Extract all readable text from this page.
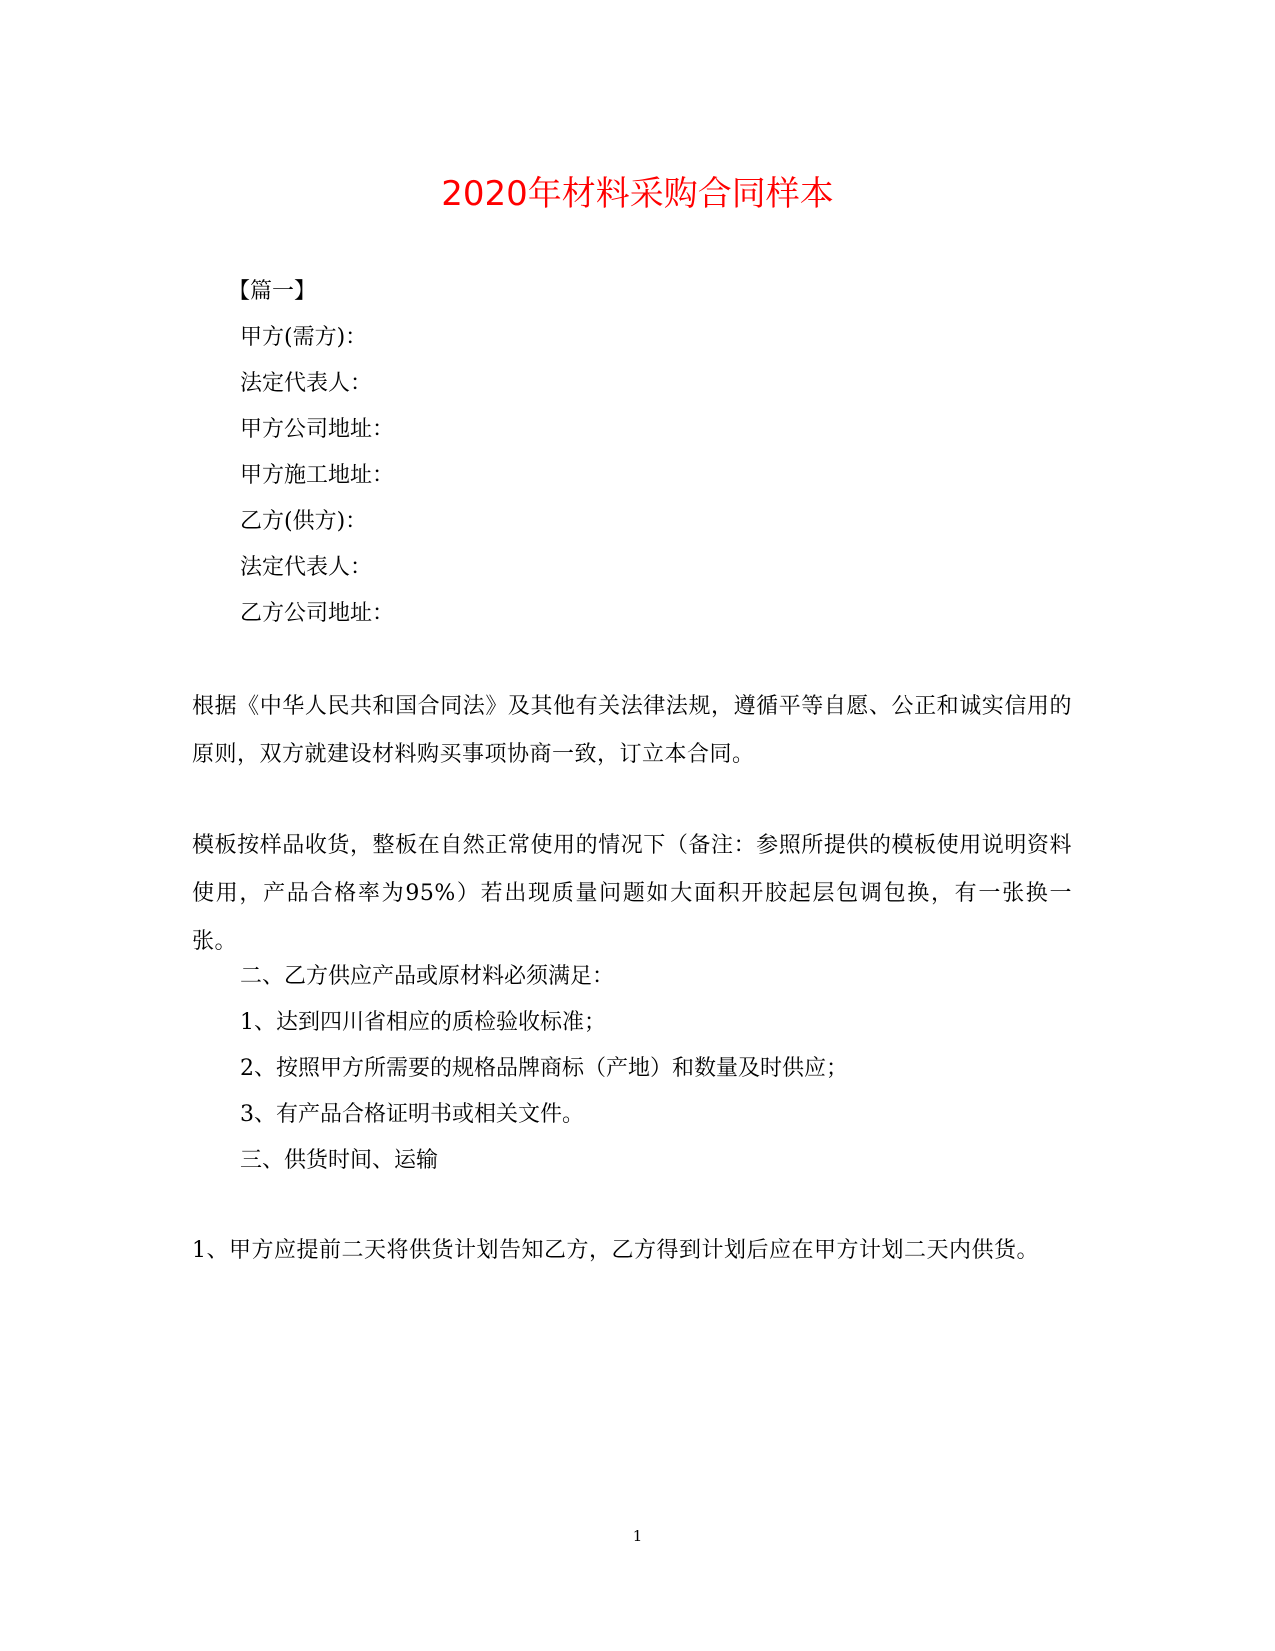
2020年材料采购合同样本

【篇一】

甲方(需方)：

法定代表人：

甲方公司地址：

甲方施工地址：

乙方(供方)：

法定代表人：

乙方公司地址：

根据《中华人民共和国合同法》及其他有关法律法规，遵循平等自愿、公正和诚实信用的原则，双方就建设材料购买事项协商一致，订立本合同。

模板按样品收货，整板在自然正常使用的情况下（备注：参照所提供的模板使用说明资料使用，产品合格率为95%）若出现质量问题如大面积开胶起层包调包换，有一张换一张。

二、乙方供应产品或原材料必须满足：

1、达到四川省相应的质检验收标准；

2、按照甲方所需要的规格品牌商标（产地）和数量及时供应；

3、有产品合格证明书或相关文件。

三、供货时间、运输

1、甲方应提前二天将供货计划告知乙方，乙方得到计划后应在甲方计划二天内供货。

1
